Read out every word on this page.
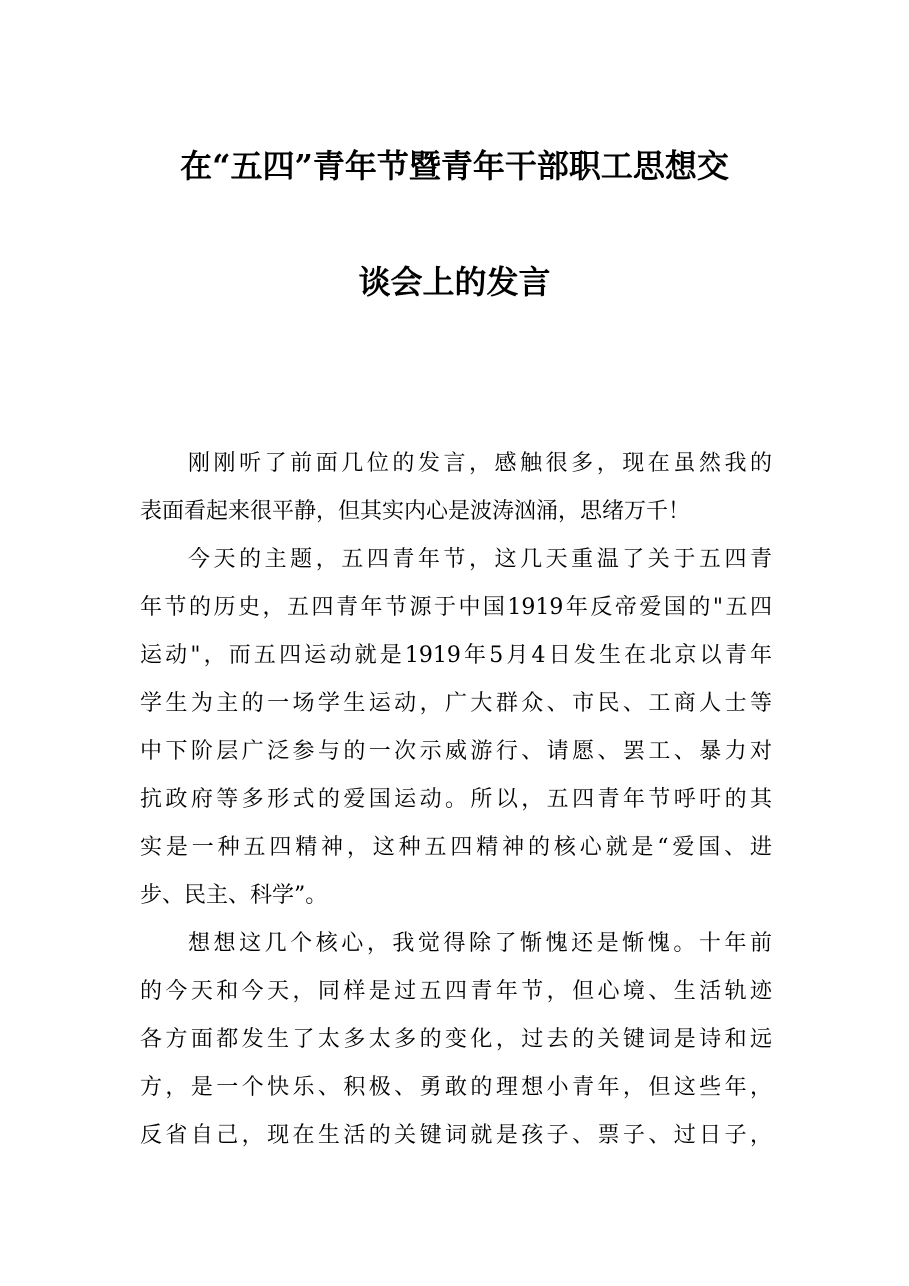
在“五四”青年节暨青年干部职工思想交
谈会上的发言
刚刚听了前面几位的发言，感触很多，现在虽然我的
表面看起来很平静，但其实内心是波涛汹涌，思绪万千！
今天的主题，五四青年节，这几天重温了关于五四青
年节的历史，五四青年节源于中国1919年反帝爱国的"五四
运动"，而五四运动就是1919年5月4日发生在北京以青年
学生为主的一场学生运动，广大群众、市民、工商人士等
中下阶层广泛参与的一次示威游行、请愿、罢工、暴力对
抗政府等多形式的爱国运动。所以，五四青年节呼吁的其
实是一种五四精神，这种五四精神的核心就是“爱国、进
步、民主、科学”。
想想这几个核心，我觉得除了惭愧还是惭愧。十年前
的今天和今天，同样是过五四青年节，但心境、生活轨迹
各方面都发生了太多太多的变化，过去的关键词是诗和远
方，是一个快乐、积极、勇敢的理想小青年，但这些年，
反省自己，现在生活的关键词就是孩子、票子、过日子，
